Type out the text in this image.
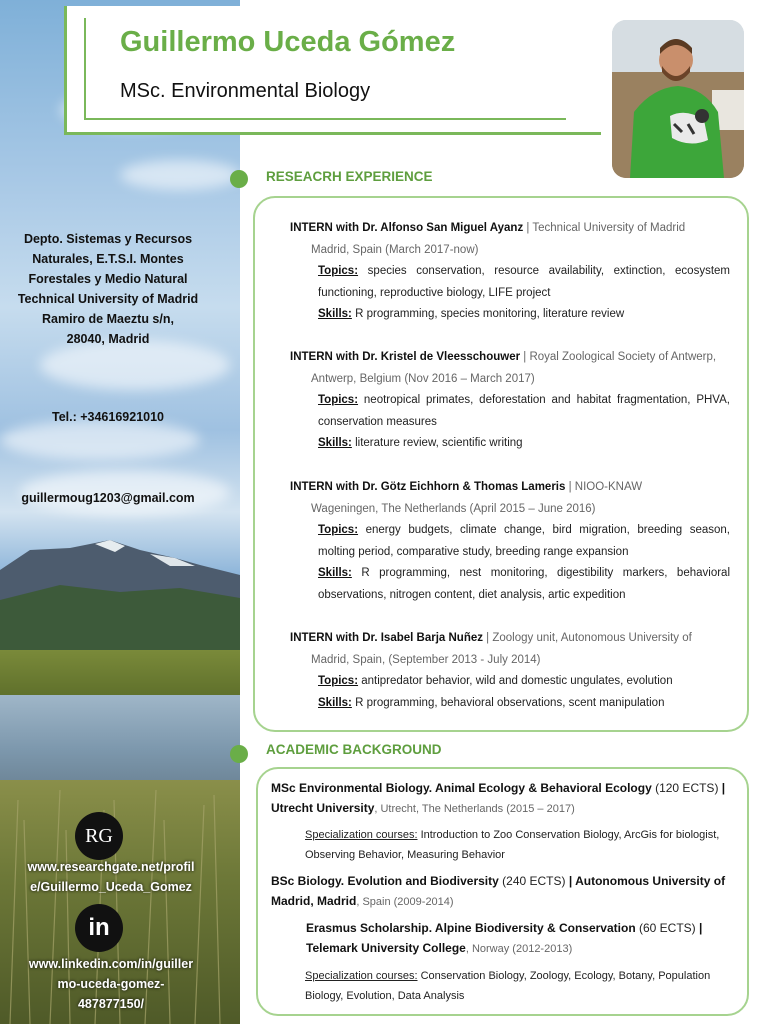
Depto. Sistemas y Recursos
Naturales, E.T.S.I. Montes
Forestales y Medio Natural
Technical University of Madrid
Ramiro de Maeztu s/n,
28040, Madrid
Tel.: +34616921010
guillermoug1203@gmail.com
RG
www.researchgate.net/profil
e/Guillermo_Uceda_Gomez
in
www.linkedin.com/in/guiller
mo-uceda-gomez-
487877150/
Guillermo Uceda Gómez
MSc. Environmental Biology
RESEACRH EXPERIENCE
INTERN with Dr. Alfonso San Miguel Ayanz | Technical University of Madrid
Madrid, Spain (March 2017-now)
Topics: species conservation, resource availability, extinction, ecosystem functioning, reproductive biology, LIFE project
Skills: R programming, species monitoring, literature review
INTERN with Dr. Kristel de Vleesschouwer | Royal Zoological Society of Antwerp,
Antwerp, Belgium (Nov 2016 – March 2017)
Topics: neotropical primates, deforestation and habitat fragmentation, PHVA, conservation measures
Skills: literature review, scientific writing
INTERN with Dr. Götz Eichhorn & Thomas Lameris | NIOO-KNAW
Wageningen, The Netherlands (April 2015 – June 2016)
Topics: energy budgets, climate change, bird migration, breeding season, molting period, comparative study, breeding range expansion
Skills: R programming, nest monitoring, digestibility markers, behavioral observations, nitrogen content, diet analysis, artic expedition
INTERN with Dr. Isabel Barja Nuñez | Zoology unit, Autonomous University of
Madrid, Spain, (September 2013 - July 2014)
Topics: antipredator behavior, wild and domestic ungulates, evolution
Skills: R programming, behavioral observations, scent manipulation
ACADEMIC BACKGROUND
MSc Environmental Biology. Animal Ecology & Behavioral Ecology (120 ECTS) | Utrecht University, Utrecht, The Netherlands (2015 – 2017)
Specialization courses: Introduction to Zoo Conservation Biology, ArcGis for biologist, Observing Behavior, Measuring Behavior
BSc Biology. Evolution and Biodiversity (240 ECTS) | Autonomous University of Madrid, Madrid, Spain (2009-2014)
Erasmus Scholarship. Alpine Biodiversity & Conservation (60 ECTS) | Telemark University College, Norway (2012-2013)
Specialization courses: Conservation Biology, Zoology, Ecology, Botany, Population Biology, Evolution, Data Analysis
